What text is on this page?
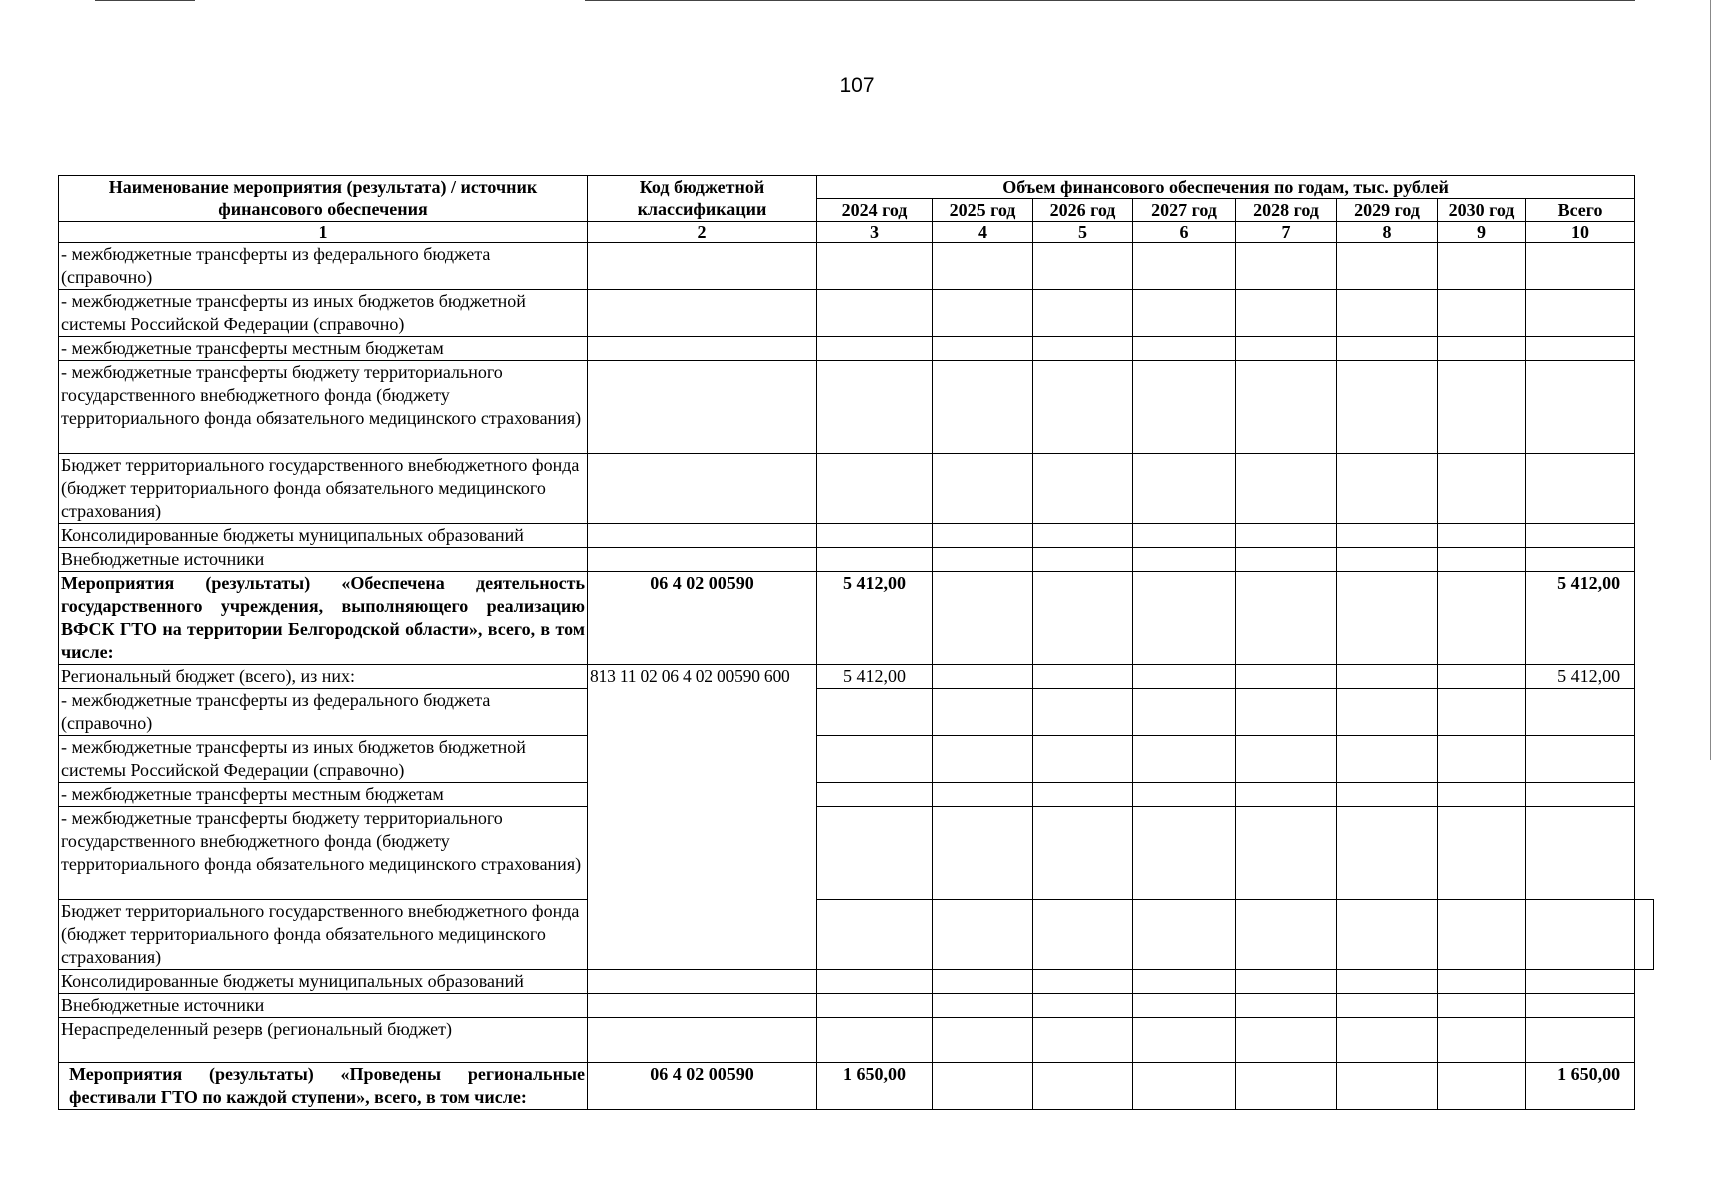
107
Наименование мероприятия (результата) / источник финансового обеспечения	Код бюджетной классификации	Объем финансового обеспечения по годам, тыс. рублей								
		2024 год	2025 год	2026 год	2027 год	2028 год	2029 год	2030 год	Всего	
1	2	3	4	5	6	7	8	9	10	
- межбюджетные трансферты из федерального бюджета (справочно)										
- межбюджетные трансферты из иных бюджетов бюджетной системы Российской Федерации (справочно)										
- межбюджетные трансферты местным бюджетам										
- межбюджетные трансферты бюджету территориального государственного внебюджетного фонда (бюджету территориального фонда обязательного медицинского страхования)										
Бюджет территориального государственного внебюджетного фонда (бюджет территориального фонда обязательного медицинского страхования)										
Консолидированные бюджеты муниципальных образований										
Внебюджетные источники										
Мероприятия (результаты) «Обеспечена деятельность государственного учреждения, выполняющего реализацию ВФСК ГТО на территории Белгородской области», всего, в том числе:	06 4 02 00590	5 412,00							5 412,00	
Региональный бюджет (всего), из них:	813 11 02 06 4 02 00590 600	5 412,00							5 412,00	
- межбюджетные трансферты из федерального бюджета (справочно)										
- межбюджетные трансферты из иных бюджетов бюджетной системы Российской Федерации (справочно)										
- межбюджетные трансферты местным бюджетам										
- межбюджетные трансферты бюджету территориального государственного внебюджетного фонда (бюджету территориального фонда обязательного медицинского страхования)										
Бюджет территориального государственного внебюджетного фонда (бюджет территориального фонда обязательного медицинского страхования)										
Консолидированные бюджеты муниципальных образований										
Внебюджетные источники										
Нераспределенный резерв (региональный бюджет)										
Мероприятия (результаты) «Проведены региональные фестивали ГТО по каждой ступени», всего, в том числе:	06 4 02 00590	1 650,00							1 650,00	
